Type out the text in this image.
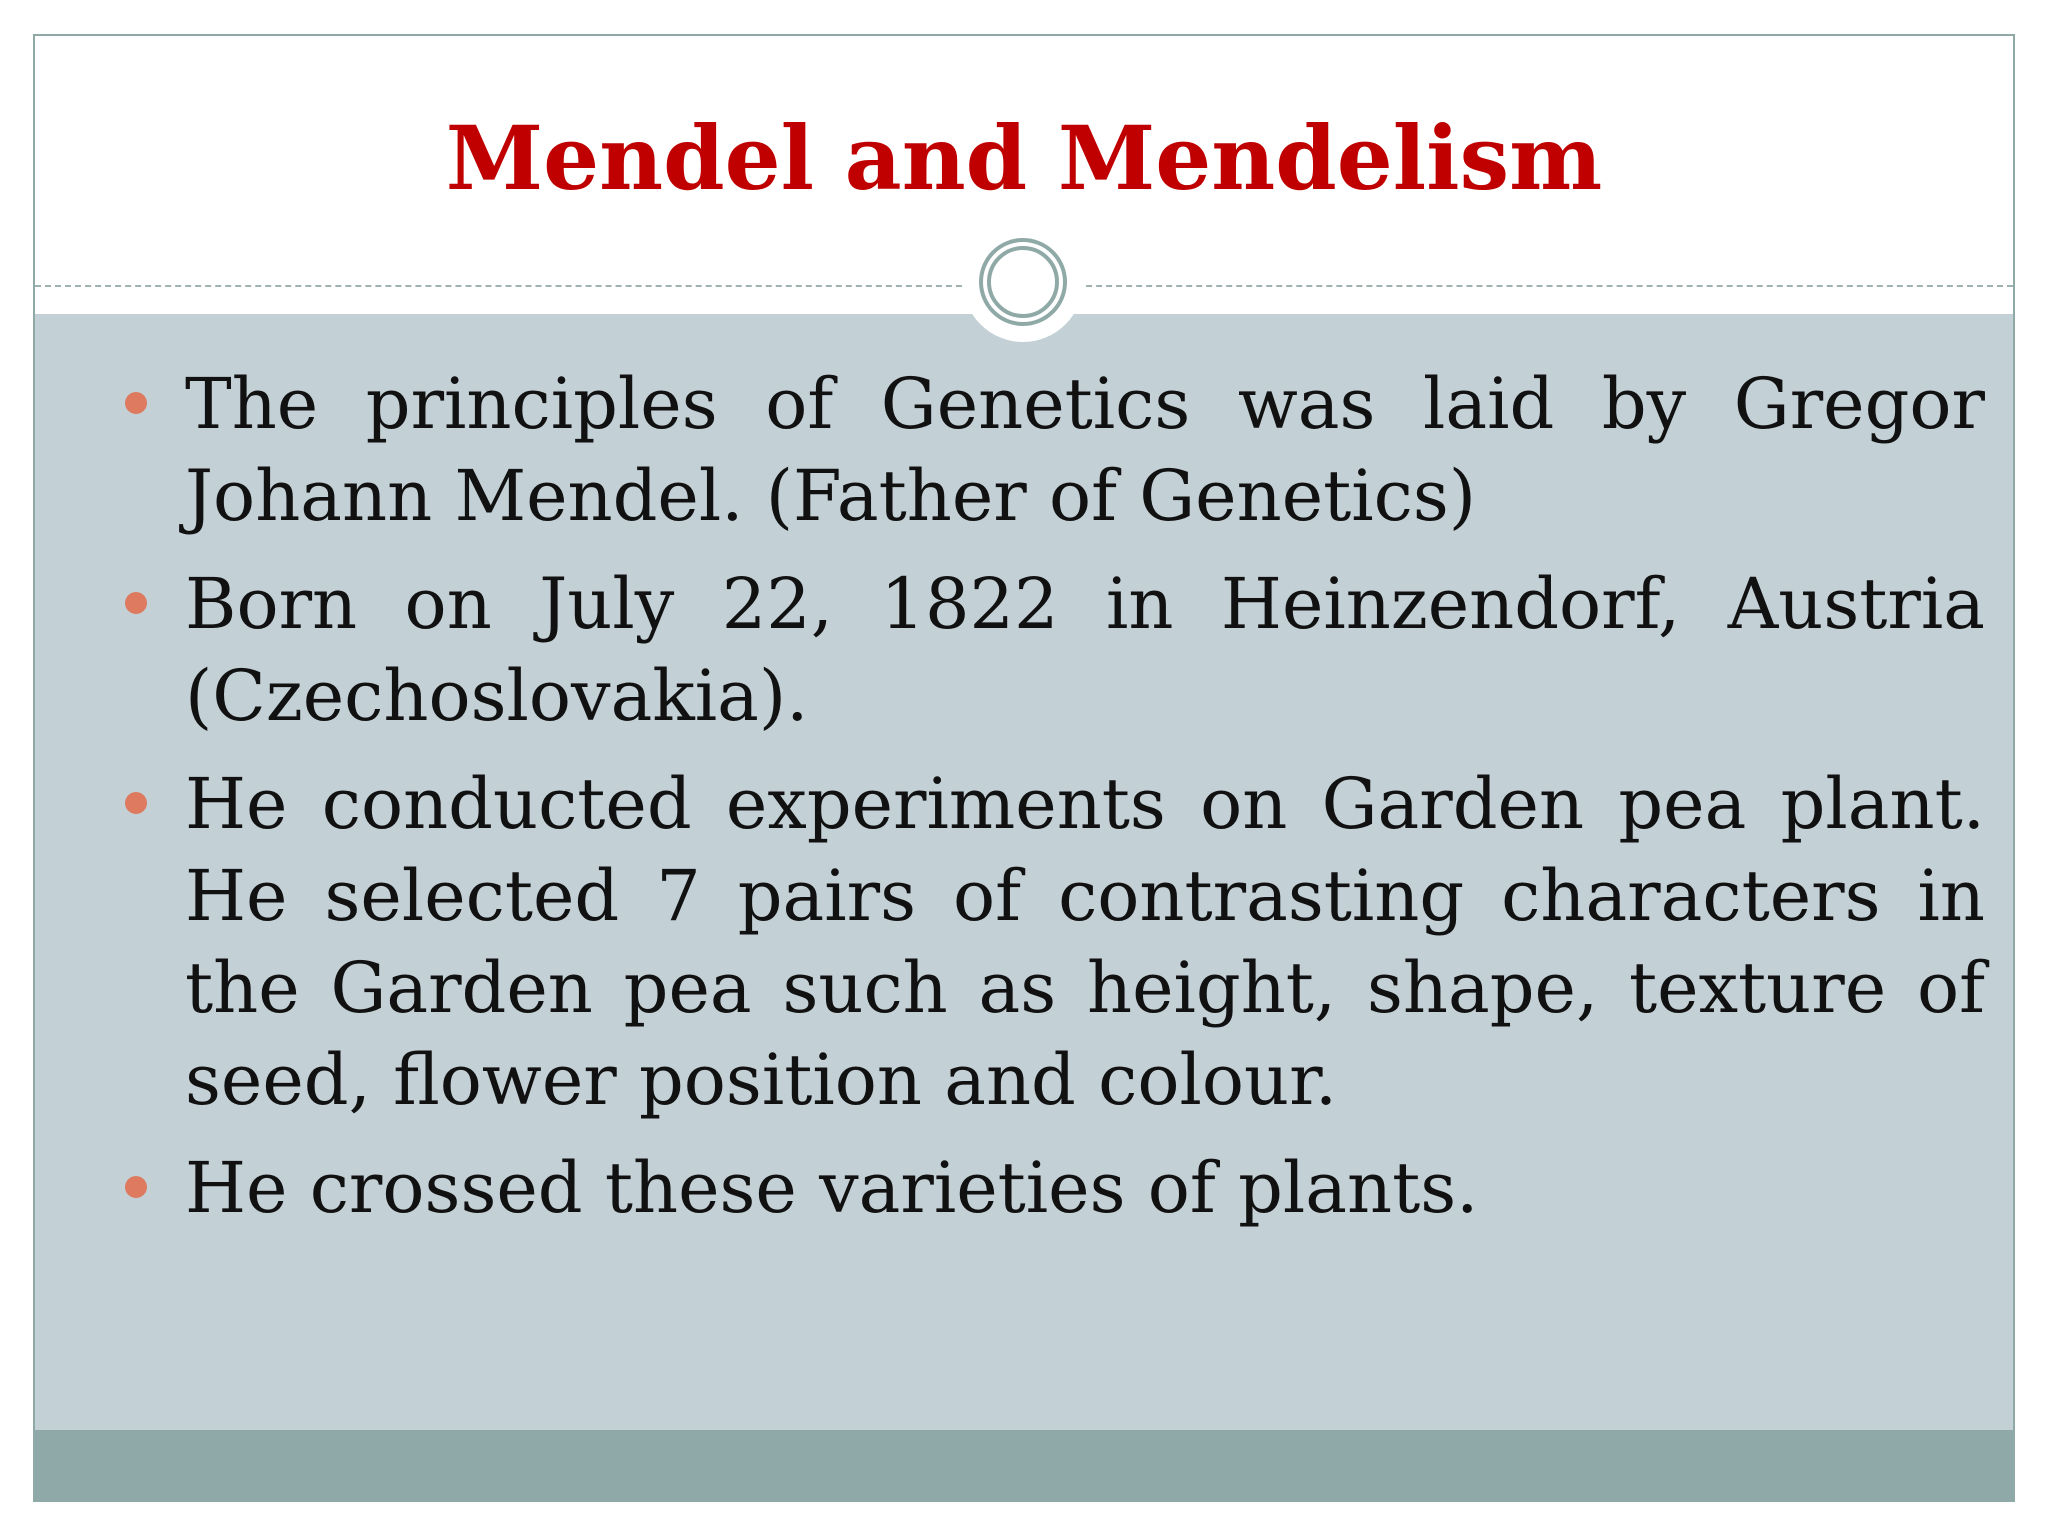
Mendel and Mendelism
The principles of Genetics was laid by Gregor Johann Mendel. (Father of Genetics)
Born on July 22, 1822 in Heinzendorf, Austria (Czechoslovakia).
He conducted experiments on Garden pea plant. He selected 7 pairs of contrasting characters in the Garden pea such as height, shape, texture of seed, flower position and colour.
He crossed these varieties of plants.
